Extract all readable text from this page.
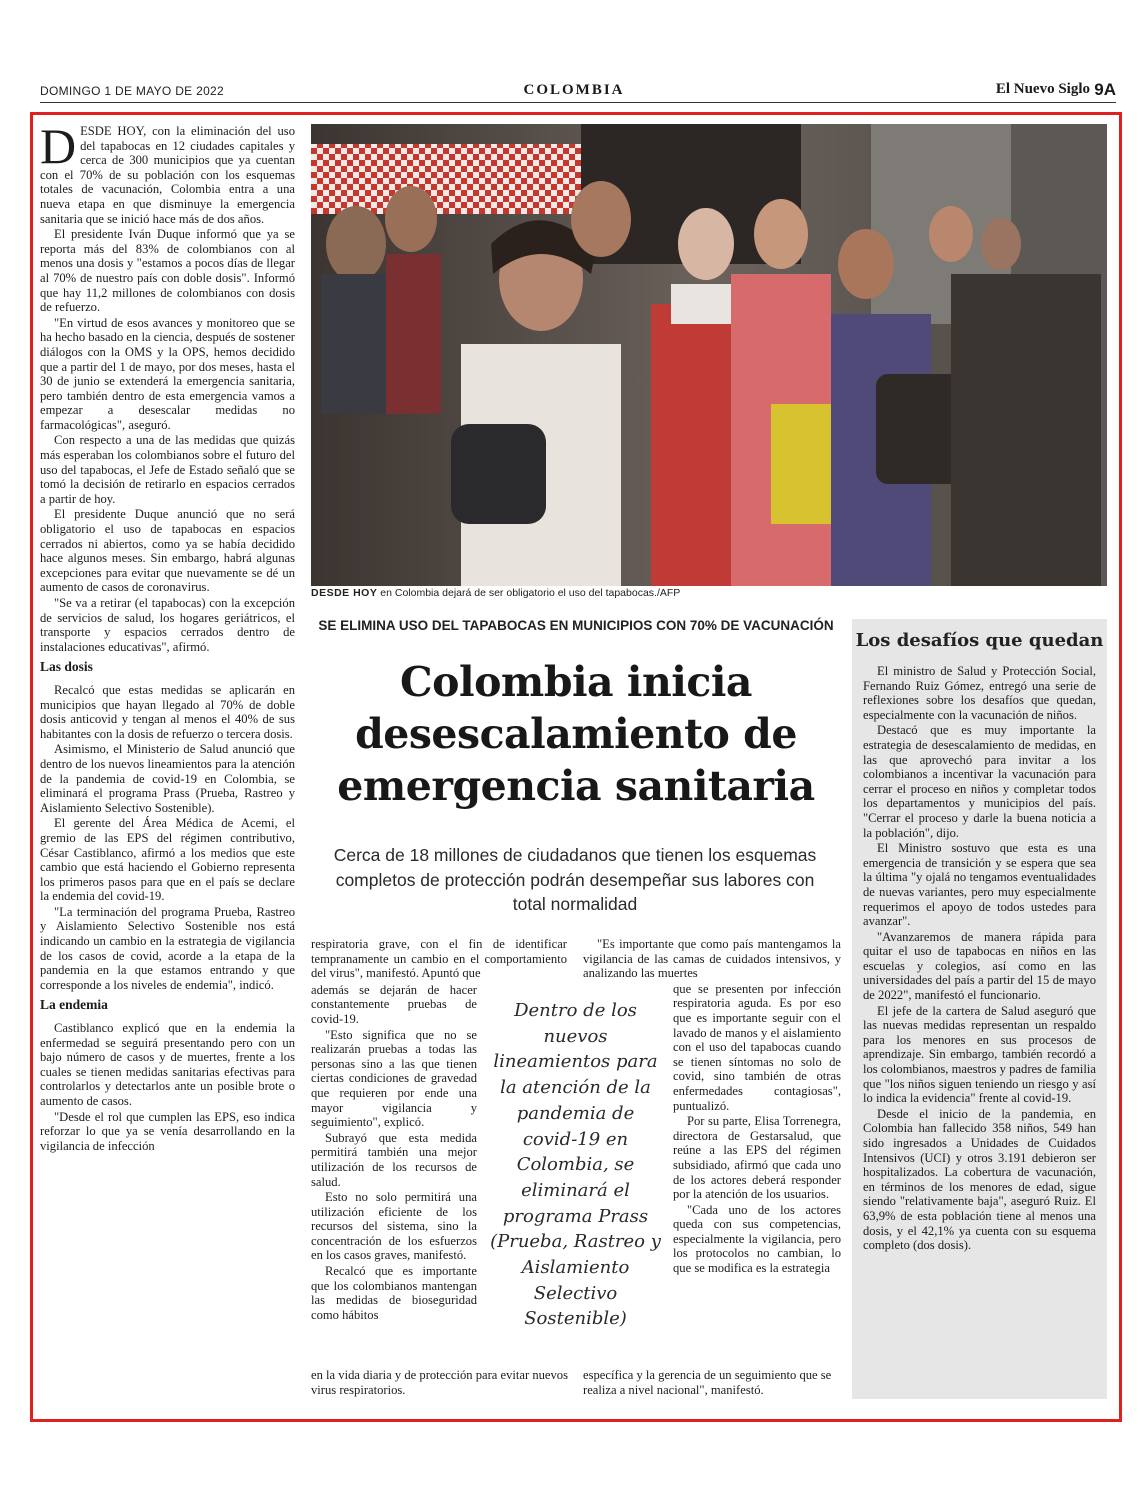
DOMINGO 1 DE MAYO DE 2022	COLOMBIA	El Nuevo Siglo 9A

DESDE HOY, con la eliminación del uso del tapabocas en 12 ciudades capitales y cerca de 300 municipios que ya cuentan con el 70% de su población con los esquemas totales de vacunación, Colombia entra a una nueva etapa en que disminuye la emergencia sanitaria que se inició hace más de dos años.

El presidente Iván Duque informó que ya se reporta más del 83% de colombianos con al menos una dosis y "estamos a pocos días de llegar al 70% de nuestro país con doble dosis". Informó que hay 11,2 millones de colombianos con dosis de refuerzo.

"En virtud de esos avances y monitoreo que se ha hecho basado en la ciencia, después de sostener diálogos con la OMS y la OPS, hemos decidido que a partir del 1 de mayo, por dos meses, hasta el 30 de junio se extenderá la emergencia sanitaria, pero también dentro de esta emergencia vamos a empezar a desescalar medidas no farmacológicas", aseguró.

Con respecto a una de las medidas que quizás más esperaban los colombianos sobre el futuro del uso del tapabocas, el Jefe de Estado señaló que se tomó la decisión de retirarlo en espacios cerrados a partir de hoy.

El presidente Duque anunció que no será obligatorio el uso de tapabocas en espacios cerrados ni abiertos, como ya se había decidido hace algunos meses. Sin embargo, habrá algunas excepciones para evitar que nuevamente se dé un aumento de casos de coronavirus.

"Se va a retirar (el tapabocas) con la excepción de servicios de salud, los hogares geriátricos, el transporte y espacios cerrados dentro de instalaciones educativas", afirmó.

Las dosis

Recalcó que estas medidas se aplicarán en municipios que hayan llegado al 70% de doble dosis anticovid y tengan al menos el 40% de sus habitantes con la dosis de refuerzo o tercera dosis.

Asimismo, el Ministerio de Salud anunció que dentro de los nuevos lineamientos para la atención de la pandemia de covid-19 en Colombia, se eliminará el programa Prass (Prueba, Rastreo y Aislamiento Selectivo Sostenible).

El gerente del Área Médica de Acemi, el gremio de las EPS del régimen contributivo, César Castiblanco, afirmó a los medios que este cambio que está haciendo el Gobierno representa los primeros pasos para que en el país se declare la endemia del covid-19.

"La terminación del programa Prueba, Rastreo y Aislamiento Selectivo Sostenible nos está indicando un cambio en la estrategia de vigilancia de los casos de covid, acorde a la etapa de la pandemia en la que estamos entrando y que corresponde a los niveles de endemia", indicó.

La endemia

Castiblanco explicó que en la endemia la enfermedad se seguirá presentando pero con un bajo número de casos y de muertes, frente a los cuales se tienen medidas sanitarias efectivas para controlarlos y detectarlos ante un posible brote o aumento de casos.

"Desde el rol que cumplen las EPS, eso indica reforzar lo que ya se venía desarrollando en la vigilancia de infección

DESDE HOY en Colombia dejará de ser obligatorio el uso del tapabocas./AFP
SE ELIMINA USO DEL TAPABOCAS EN MUNICIPIOS CON 70% DE VACUNACIÓN
Colombia inicia desescalamiento de emergencia sanitaria
Cerca de 18 millones de ciudadanos que tienen los esquemas completos de protección podrán desempeñar sus labores con total normalidad
respiratoria grave, con el fin de identificar tempranamente un cambio en el comportamiento del virus", manifestó. Apuntó que

además se dejarán de hacer constantemente pruebas de covid-19.

"Esto significa que no se realizarán pruebas a todas las personas sino a las que tienen ciertas condiciones de gravedad que requieren por ende una mayor vigilancia y seguimiento", explicó.

Subrayó que esta medida permitirá también una mejor utilización de los recursos de salud.

Esto no solo permitirá una utilización eficiente de los recursos del sistema, sino la concentración de los esfuerzos en los casos graves, manifestó.

Recalcó que es importante que los colombianos mantengan las medidas de bioseguridad como hábitos

en la vida diaria y de protección para evitar nuevos virus respiratorios.
Dentro de los nuevos lineamientos para la atención de la pandemia de covid-19 en Colombia, se eliminará el programa Prass (Prueba, Rastreo y Aislamiento Selectivo Sostenible)

"Es importante que como país mantengamos la vigilancia de las camas de cuidados intensivos, y analizando las muertes

que se presenten por infección respiratoria aguda. Es por eso que es importante seguir con el lavado de manos y el aislamiento con el uso del tapabocas cuando se tienen síntomas no solo de covid, sino también de otras enfermedades contagiosas", puntualizó.

Por su parte, Elisa Torrenegra, directora de Gestarsalud, que reúne a las EPS del régimen subsidiado, afirmó que cada uno de los actores deberá responder por la atención de los usuarios.

"Cada uno de los actores queda con sus competencias, especialmente la vigilancia, pero los protocolos no cambian, lo que se modifica es la estrategia

específica y la gerencia de un seguimiento que se realiza a nivel nacional", manifestó.
Los desafíos que quedan

El ministro de Salud y Protección Social, Fernando Ruiz Gómez, entregó una serie de reflexiones sobre los desafíos que quedan, especialmente con la vacunación de niños.

Destacó que es muy importante la estrategia de desescalamiento de medidas, en las que aprovechó para invitar a los colombianos a incentivar la vacunación para cerrar el proceso en niños y completar todos los departamentos y municipios del país. "Cerrar el proceso y darle la buena noticia a la población", dijo.

El Ministro sostuvo que esta es una emergencia de transición y se espera que sea la última "y ojalá no tengamos eventualidades de nuevas variantes, pero muy especialmente requerimos el apoyo de todos ustedes para avanzar".

"Avanzaremos de manera rápida para quitar el uso de tapabocas en niños en las escuelas y colegios, así como en las universidades del país a partir del 15 de mayo de 2022", manifestó el funcionario.

El jefe de la cartera de Salud aseguró que las nuevas medidas representan un respaldo para los menores en sus procesos de aprendizaje. Sin embargo, también recordó a los colombianos, maestros y padres de familia que "los niños siguen teniendo un riesgo y así lo indica la evidencia" frente al covid-19.

Desde el inicio de la pandemia, en Colombia han fallecido 358 niños, 549 han sido ingresados a Unidades de Cuidados Intensivos (UCI) y otros 3.191 debieron ser hospitalizados. La cobertura de vacunación, en términos de los menores de edad, sigue siendo "relativamente baja", aseguró Ruiz. El 63,9% de esta población tiene al menos una dosis, y el 42,1% ya cuenta con su esquema completo (dos dosis).
